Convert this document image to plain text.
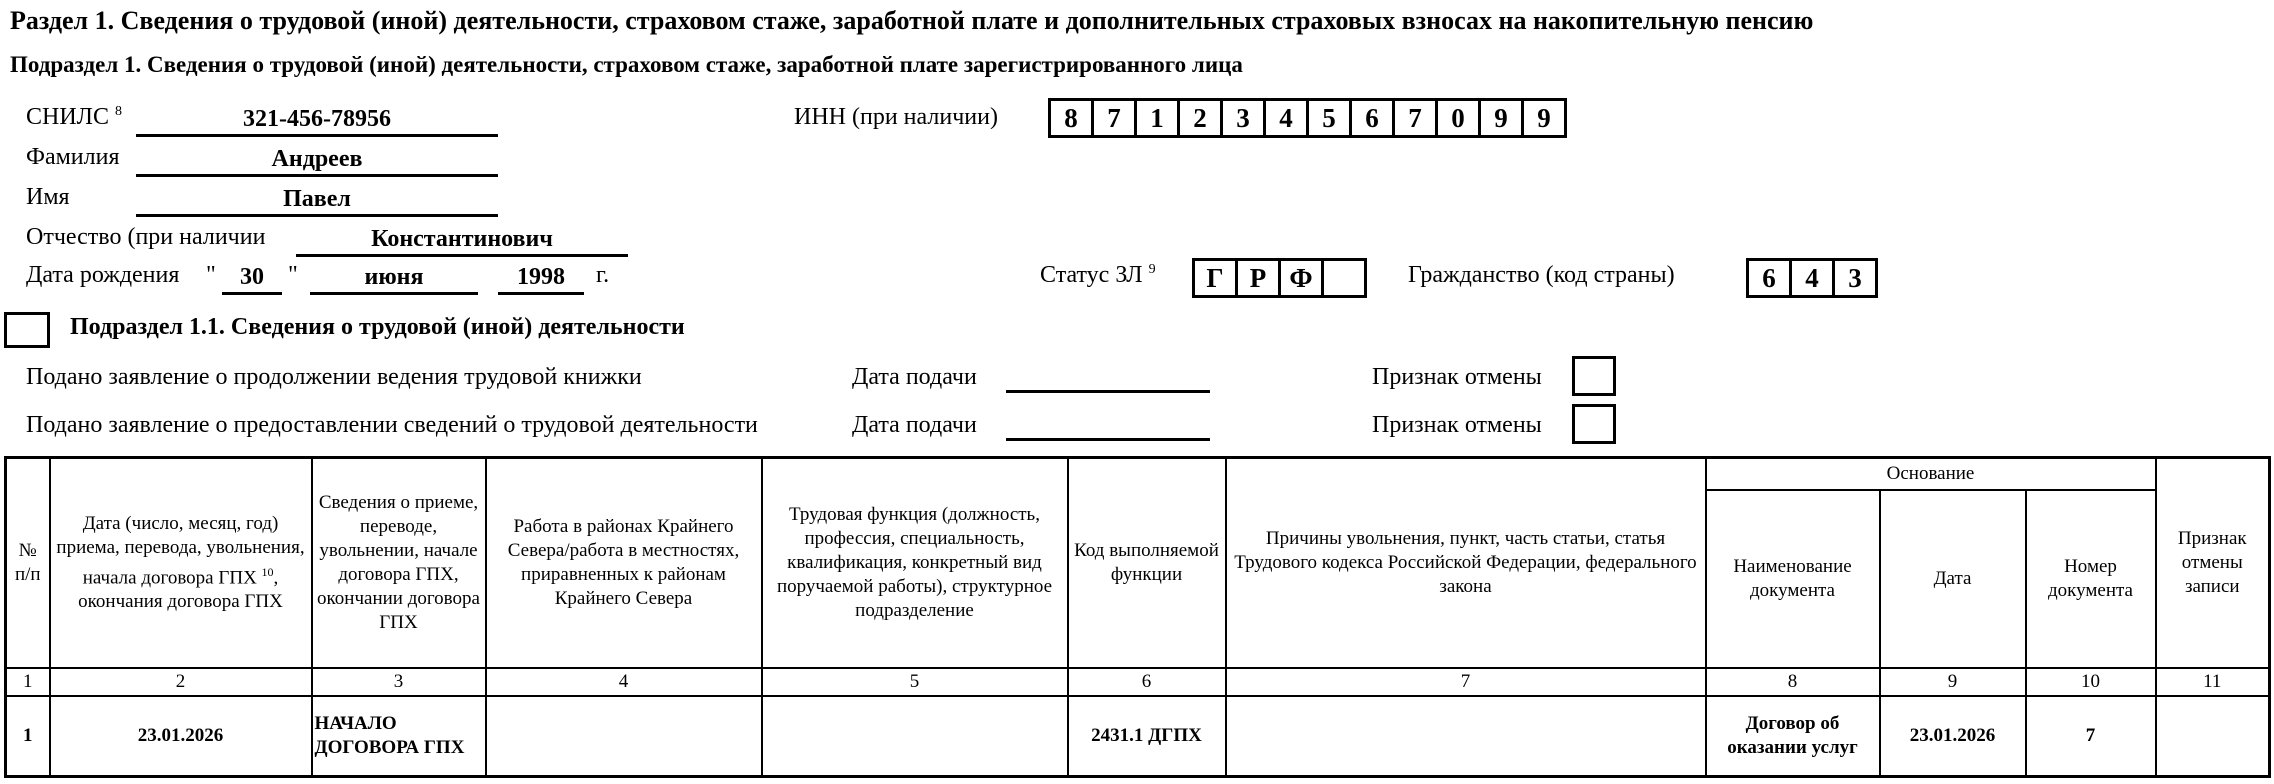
Раздел 1. Сведения о трудовой (иной) деятельности, страховом стаже, заработной плате и дополнительных страховых взносах на накопительную пенсию
Подраздел 1. Сведения о трудовой (иной) деятельности, страховом стаже, заработной плате зарегистрированного лица
СНИЛС $^8$	321-456-78956	ИНН (при наличии)	8	7	1	2	3	4	5	6	7	0	9	9
Фамилия	Андреев
Имя	Павел
Отчество (при наличии	Константинович
Дата рождения "	30	"	июня	1998	г.	Статус ЗЛ $^9$	Г Р Ф	Гражданство (код страны)	6	4	3
Подраздел 1.1. Сведения о трудовой (иной) деятельности
Подано заявление о продолжении ведения трудовой книжки	Дата подачи	Признак отмены
Подано заявление о предоставлении сведений о трудовой деятельности	Дата подачи	Признак отмены
№ п/п	Дата (число, месяц, год) приема, перевода, увольнения, начала договора ГПХ $^{10}$, окончания договора ГПХ	Сведения о приеме, переводе, увольнении, начале договора ГПХ, окончании договора ГПХ	Работа в районах Крайнего Севера/работа в местностях, приравненных к районам Крайнего Севера	Трудовая функция (должность, профессия, специальность, квалификация, конкретный вид поручаемой работы), структурное подразделение	Код выполняемой функции	Причины увольнения, пункт, часть статьи, статья Трудового кодекса Российской Федерации, федерального закона	Основание			Признак отмены записи
							Наименование документа	Дата	Номер документа	
1	2	3	4	5	6	7	8	9	10	11
1	23.01.2026	НАЧАЛО ДОГОВОРА ГПХ			2431.1 ДГПХ		Договор об оказании услуг	23.01.2026	7	
